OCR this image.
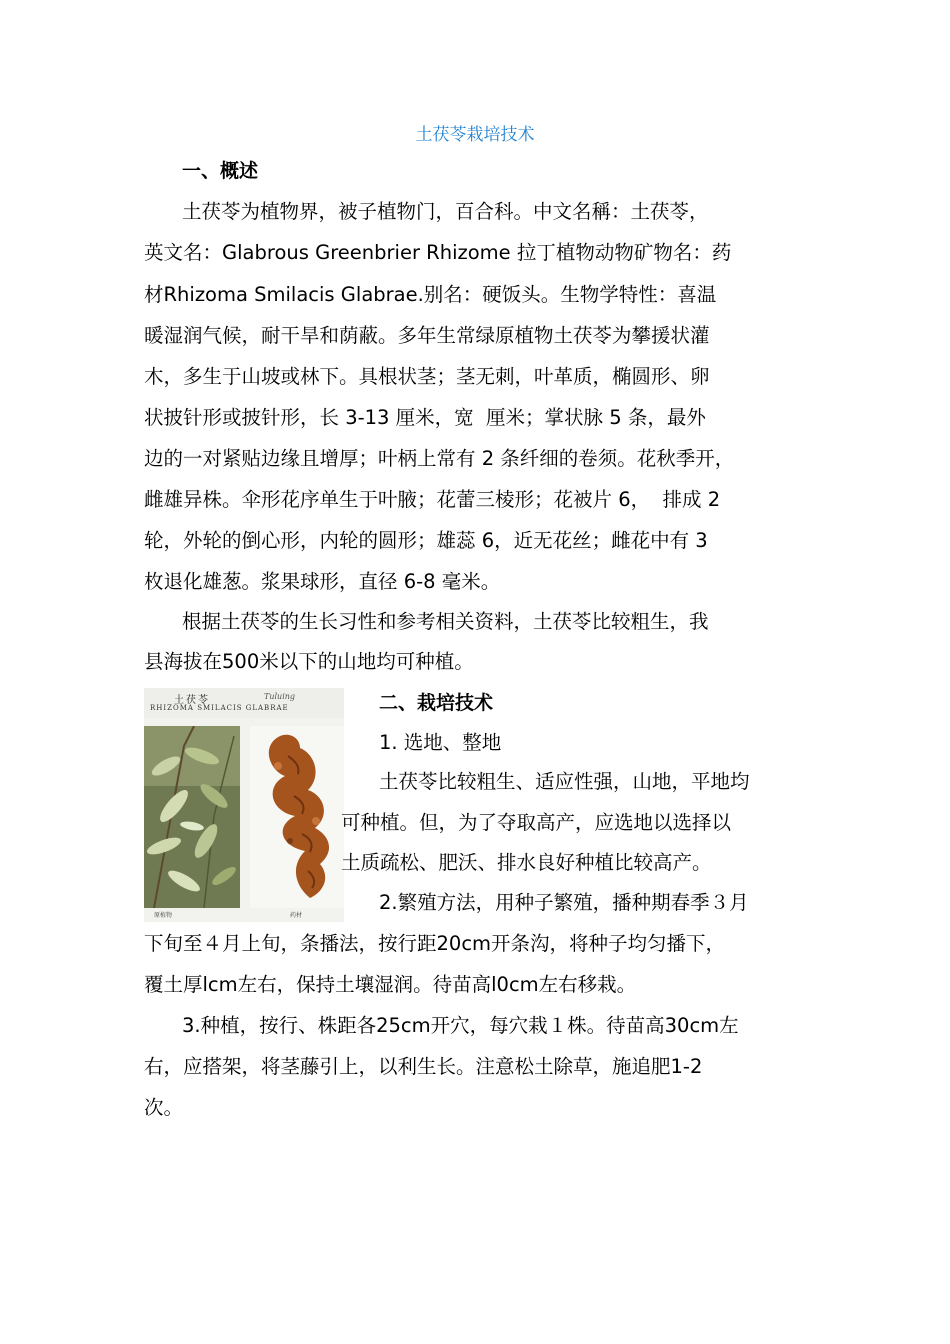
土茯苓栽培技术
一、概述
土茯苓为植物界，被子植物门，百合科。中文名稱：土茯苓，
英文名：Glabrous Greenbrier Rhizome 拉丁植物动物矿物名：药
材Rhizoma Smilacis Glabrae.别名：硬饭头。生物学特性：喜温
暖湿润气候，耐干旱和荫蔽。多年生常绿原植物土茯苓为攀援状灌
木，多生于山坡或林下。具根状茎；茎无刺，叶革质，椭圆形、卵
状披针形或披针形，长 3-13 厘米，宽  厘米；掌状脉 5 条，最外
边的一对紧贴边缘且增厚；叶柄上常有 2 条纤细的卷须。花秋季开，
雌雄异株。伞形花序单生于叶腋；花蕾三棱形；花被片 6，  排成 2
轮，外轮的倒心形，内轮的圆形；雄蕊 6，近无花丝；雌花中有 3
枚退化雄葱。浆果球形，直径 6-8 毫米。
根据土茯苓的生长习性和参考相关资料，土茯苓比较粗生，我
县海拔在500米以下的山地均可种植。
土茯苓	Tuluing
RHIZOMA SMILACIS GLABRAE
原植物	药材
二、栽培技术
1. 选地、整地
土茯苓比较粗生、适应性强，山地，平地均
可种植。但，为了夺取高产，应选地以选择以
土质疏松、肥沃、排水良好种植比较高产。
2.繁殖方法，用种子繁殖，播种期春季３月
下旬至４月上旬，条播法，按行距20cm开条沟，将种子均匀播下，
覆土厚lcm左右，保持土壤湿润。待苗高l0cm左右移栽。
3.种植，按行、株距各25cm开穴，每穴栽１株。待苗高30cm左
右，应搭架，将茎藤引上，以利生长。注意松土除草，施追肥1-2
次。
